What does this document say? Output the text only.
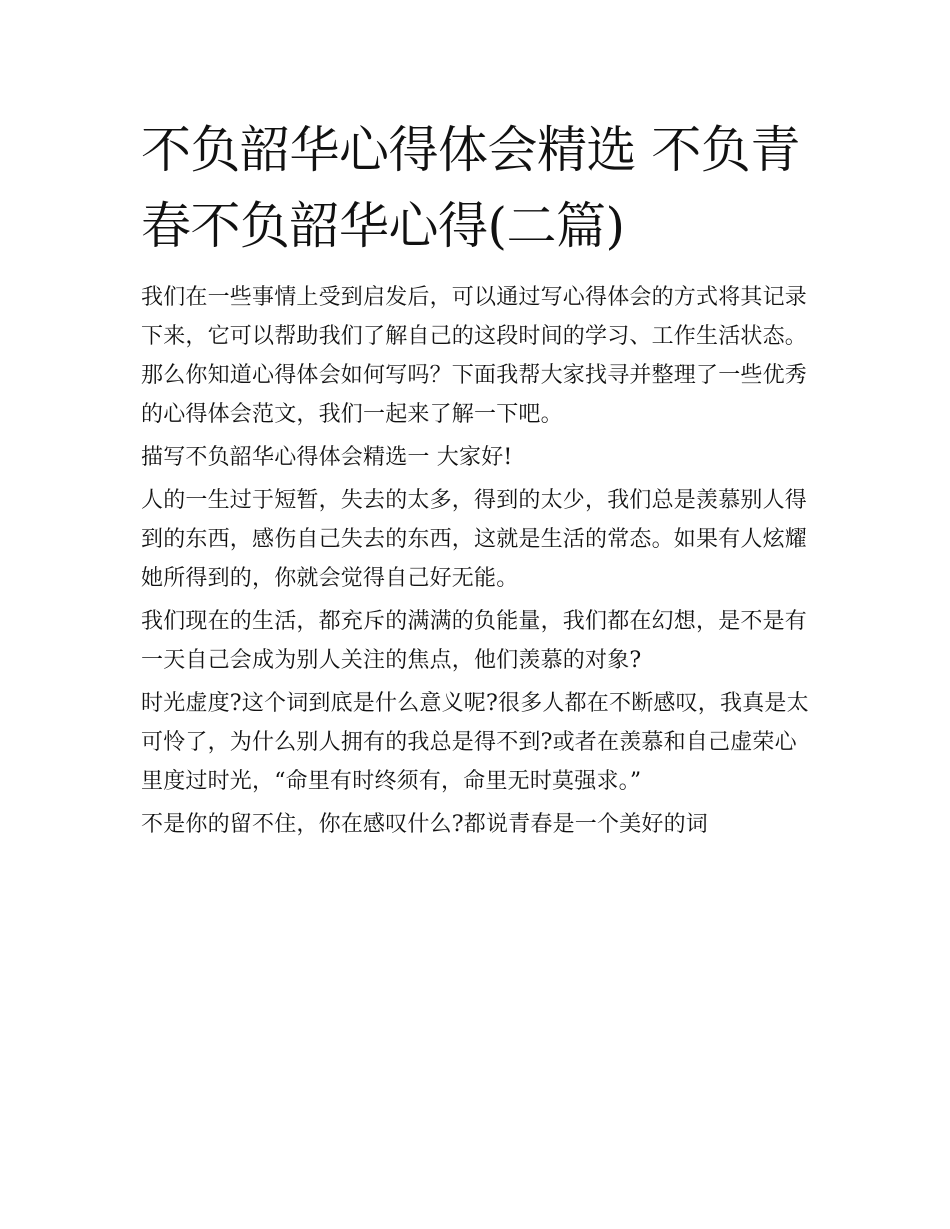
不负韶华心得体会精选 不负青春不负韶华心得(二篇)

我们在一些事情上受到启发后，可以通过写心得体会的方式将其记录下来，它可以帮助我们了解自己的这段时间的学习、工作生活状态。那么你知道心得体会如何写吗？下面我帮大家找寻并整理了一些优秀的心得体会范文，我们一起来了解一下吧。

描写不负韶华心得体会精选一 大家好!

人的一生过于短暂，失去的太多，得到的太少，我们总是羡慕别人得到的东西，感伤自己失去的东西，这就是生活的常态。如果有人炫耀她所得到的，你就会觉得自己好无能。

我们现在的生活，都充斥的满满的负能量，我们都在幻想，是不是有一天自己会成为别人关注的焦点，他们羡慕的对象?

时光虚度?这个词到底是什么意义呢?很多人都在不断感叹，我真是太可怜了，为什么别人拥有的我总是得不到?或者在羡慕和自己虚荣心里度过时光，“命里有时终须有，命里无时莫强求。”

不是你的留不住，你在感叹什么?都说青春是一个美好的词
